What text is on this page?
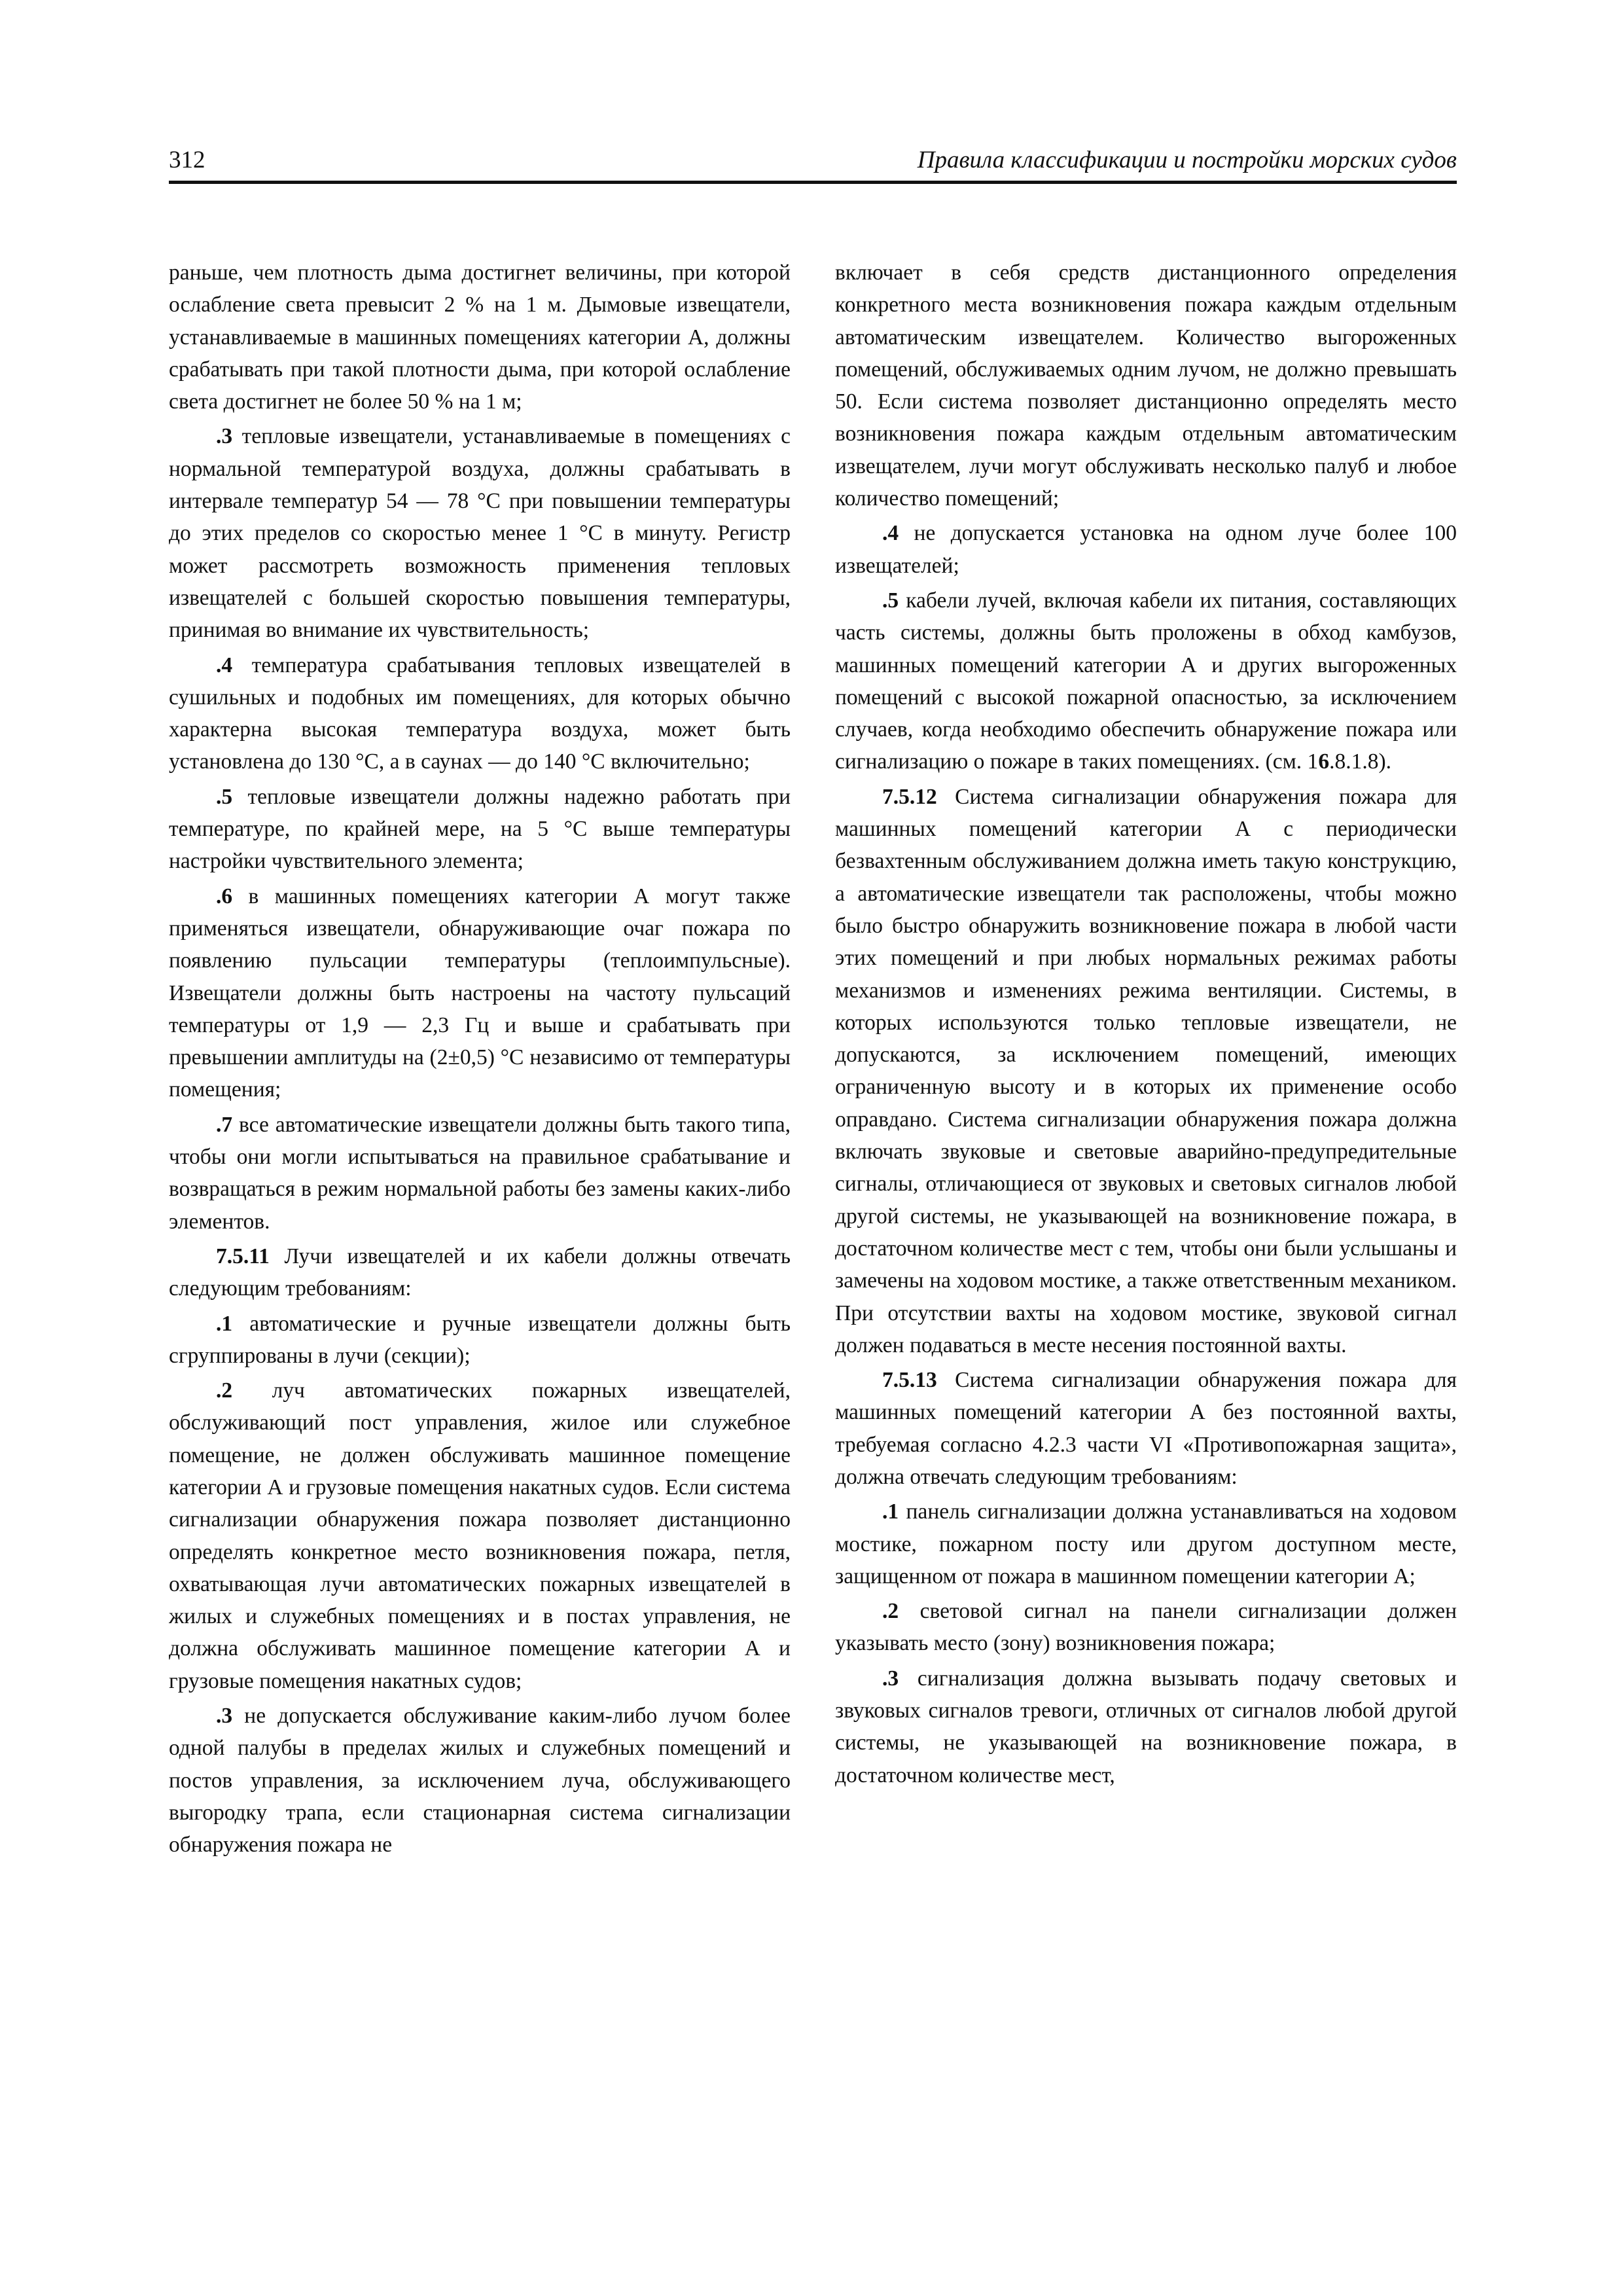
312	Правила классификации и постройки морских судов

раньше, чем плотность дыма достигнет величины, при которой ослабление света превысит 2 % на 1 м. Дымовые извещатели, устанавливаемые в машинных помещениях категории А, должны срабатывать при такой плотности дыма, при которой ослабление света достигнет не более 50 % на 1 м;

.3 тепловые извещатели, устанавливаемые в помещениях с нормальной температурой воздуха, должны срабатывать в интервале температур 54 — 78 °С при повышении температуры до этих пределов со скоростью менее 1 °С в минуту. Регистр может рассмотреть возможность применения тепловых извещателей с большей скоростью повышения температуры, принимая во внимание их чувствительность;

.4 температура срабатывания тепловых извещателей в сушильных и подобных им помещениях, для которых обычно характерна высокая температура воздуха, может быть установлена до 130 °С, а в саунах — до 140 °С включительно;

.5 тепловые извещатели должны надежно работать при температуре, по крайней мере, на 5 °С выше температуры настройки чувствительного элемента;

.6 в машинных помещениях категории А могут также применяться извещатели, обнаруживающие очаг пожара по появлению пульсации температуры (теплоимпульсные). Извещатели должны быть настроены на частоту пульсаций температуры от 1,9 — 2,3 Гц и выше и срабатывать при превышении амплитуды на (2±0,5) °С независимо от температуры помещения;

.7 все автоматические извещатели должны быть такого типа, чтобы они могли испытываться на правильное срабатывание и возвращаться в режим нормальной работы без замены каких-либо элементов.

7.5.11 Лучи извещателей и их кабели должны отвечать следующим требованиям:

.1 автоматические и ручные извещатели должны быть сгруппированы в лучи (секции);

.2 луч автоматических пожарных извещателей, обслуживающий пост управления, жилое или служебное помещение, не должен обслуживать машинное помещение категории А и грузовые помещения накатных судов. Если система сигнализации обнаружения пожара позволяет дистанционно определять конкретное место возникновения пожара, петля, охватывающая лучи автоматических пожарных извещателей в жилых и служебных помещениях и в постах управления, не должна обслуживать машинное помещение категории А и грузовые помещения накатных судов;

.3 не допускается обслуживание каким-либо лучом более одной палубы в пределах жилых и служебных помещений и постов управления, за исключением луча, обслуживающего выгородку трапа, если стационарная система сигнализации обнаружения пожара не

включает в себя средств дистанционного определения конкретного места возникновения пожара каждым отдельным автоматическим извещателем. Количество выгороженных помещений, обслуживаемых одним лучом, не должно превышать 50. Если система позволяет дистанционно определять место возникновения пожара каждым отдельным автоматическим извещателем, лучи могут обслуживать несколько палуб и любое количество помещений;

.4 не допускается установка на одном луче более 100 извещателей;

.5 кабели лучей, включая кабели их питания, составляющих часть системы, должны быть проложены в обход камбузов, машинных помещений категории А и других выгороженных помещений с высокой пожарной опасностью, за исключением случаев, когда необходимо обеспечить обнаружение пожара или сигнализацию о пожаре в таких помещениях. (см. 16.8.1.8).

7.5.12 Система сигнализации обнаружения пожара для машинных помещений категории А с периодически безвахтенным обслуживанием должна иметь такую конструкцию, а автоматические извещатели так расположены, чтобы можно было быстро обнаружить возникновение пожара в любой части этих помещений и при любых нормальных режимах работы механизмов и изменениях режима вентиляции. Системы, в которых используются только тепловые извещатели, не допускаются, за исключением помещений, имеющих ограниченную высоту и в которых их применение особо оправдано. Система сигнализации обнаружения пожара должна включать звуковые и световые аварийно-предупредительные сигналы, отличающиеся от звуковых и световых сигналов любой другой системы, не указывающей на возникновение пожара, в достаточном количестве мест с тем, чтобы они были услышаны и замечены на ходовом мостике, а также ответственным механиком. При отсутствии вахты на ходовом мостике, звуковой сигнал должен подаваться в месте несения постоянной вахты.

7.5.13 Система сигнализации обнаружения пожара для машинных помещений категории А без постоянной вахты, требуемая согласно 4.2.3 части VI «Противопожарная защита», должна отвечать следующим требованиям:

.1 панель сигнализации должна устанавливаться на ходовом мостике, пожарном посту или другом доступном месте, защищенном от пожара в машинном помещении категории А;

.2 световой сигнал на панели сигнализации должен указывать место (зону) возникновения пожара;

.3 сигнализация должна вызывать подачу световых и звуковых сигналов тревоги, отличных от сигналов любой другой системы, не указывающей на возникновение пожара, в достаточном количестве мест,
